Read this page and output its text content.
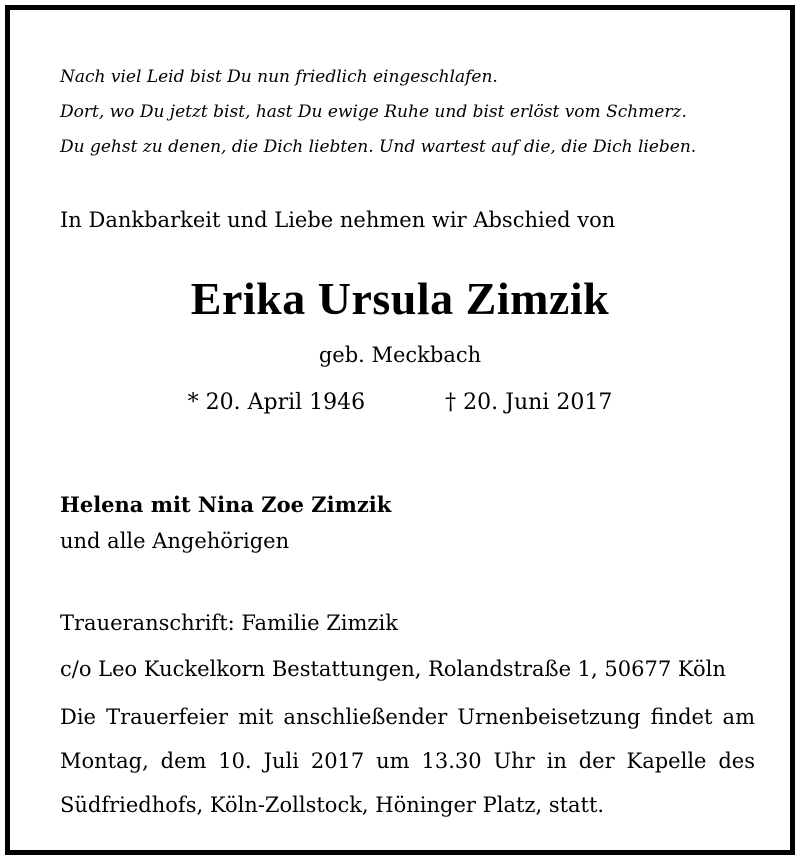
Nach viel Leid bist Du nun friedlich eingeschlafen.

Dort, wo Du jetzt bist, hast Du ewige Ruhe und bist erlöst vom Schmerz.

Du gehst zu denen, die Dich liebten. Und wartest auf die, die Dich lieben.

In Dankbarkeit und Liebe nehmen wir Abschied von
Erika Ursula Zimzik
geb. Meckbach
* 20. April 1946	† 20. Juni 2017
Helena mit Nina Zoe Zimzik
und alle Angehörigen
Traueranschrift: Familie Zimzik
c/o Leo Kuckelkorn Bestattungen, Rolandstraße 1, 50677 Köln
Die Trauerfeier mit anschließender Urnenbeisetzung findet am
Montag, dem 10. Juli 2017 um 13.30 Uhr in der Kapelle des
Südfriedhofs, Köln-Zollstock, Höninger Platz, statt.
